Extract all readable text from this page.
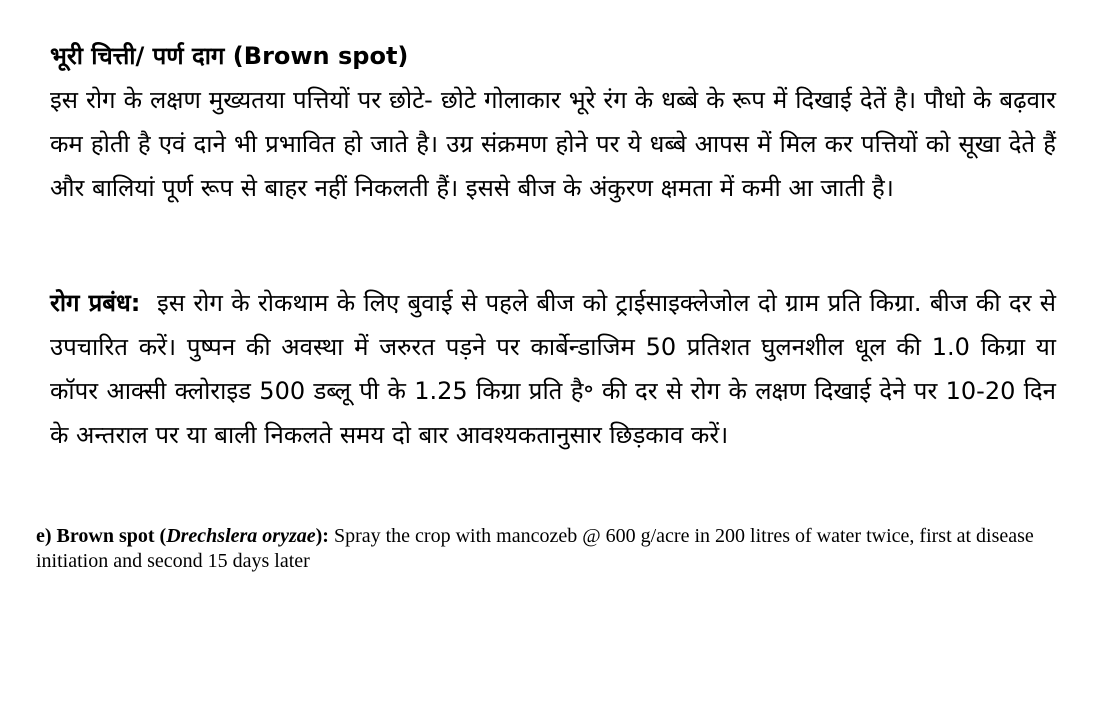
भूरी चित्ती/ पर्ण दाग (Brown spot)
इस रोग के लक्षण मुख्यतया पत्तियों पर छोटे- छोटे गोलाकार भूरे रंग के धब्बे के रूप में दिखाई देतें है। पौधो के बढ़वार कम होती है एवं दाने भी प्रभावित हो जाते है। उग्र संक्रमण होने पर ये धब्बे आपस में मिल कर पत्तियों को सूखा देते हैं और बालियां पूर्ण रूप से बाहर नहीं निकलती हैं। इससे बीज के अंकुरण क्षमता में कमी आ जाती है।
रोग प्रबंध: इस रोग के रोकथाम के लिए बुवाई से पहले बीज को ट्राईसाइक्लेजोल दो ग्राम प्रति किग्रा. बीज की दर से उपचारित करें। पुष्पन की अवस्था में जरुरत पड़ने पर कार्बेन्डाजिम 50 प्रतिशत घुलनशील धूल की 1.0 किग्रा या कॉपर आक्सी क्लोराइड 500 डब्लू पी के 1.25 किग्रा प्रति है॰ की दर से रोग के लक्षण दिखाई देने पर 10-20 दिन के अन्तराल पर या बाली निकलते समय दो बार आवश्यकतानुसार छिड़काव करें।
e) Brown spot (Drechslera oryzae): Spray the crop with mancozeb @ 600 g/acre in 200 litres of water twice, first at disease initiation and second 15 days later
